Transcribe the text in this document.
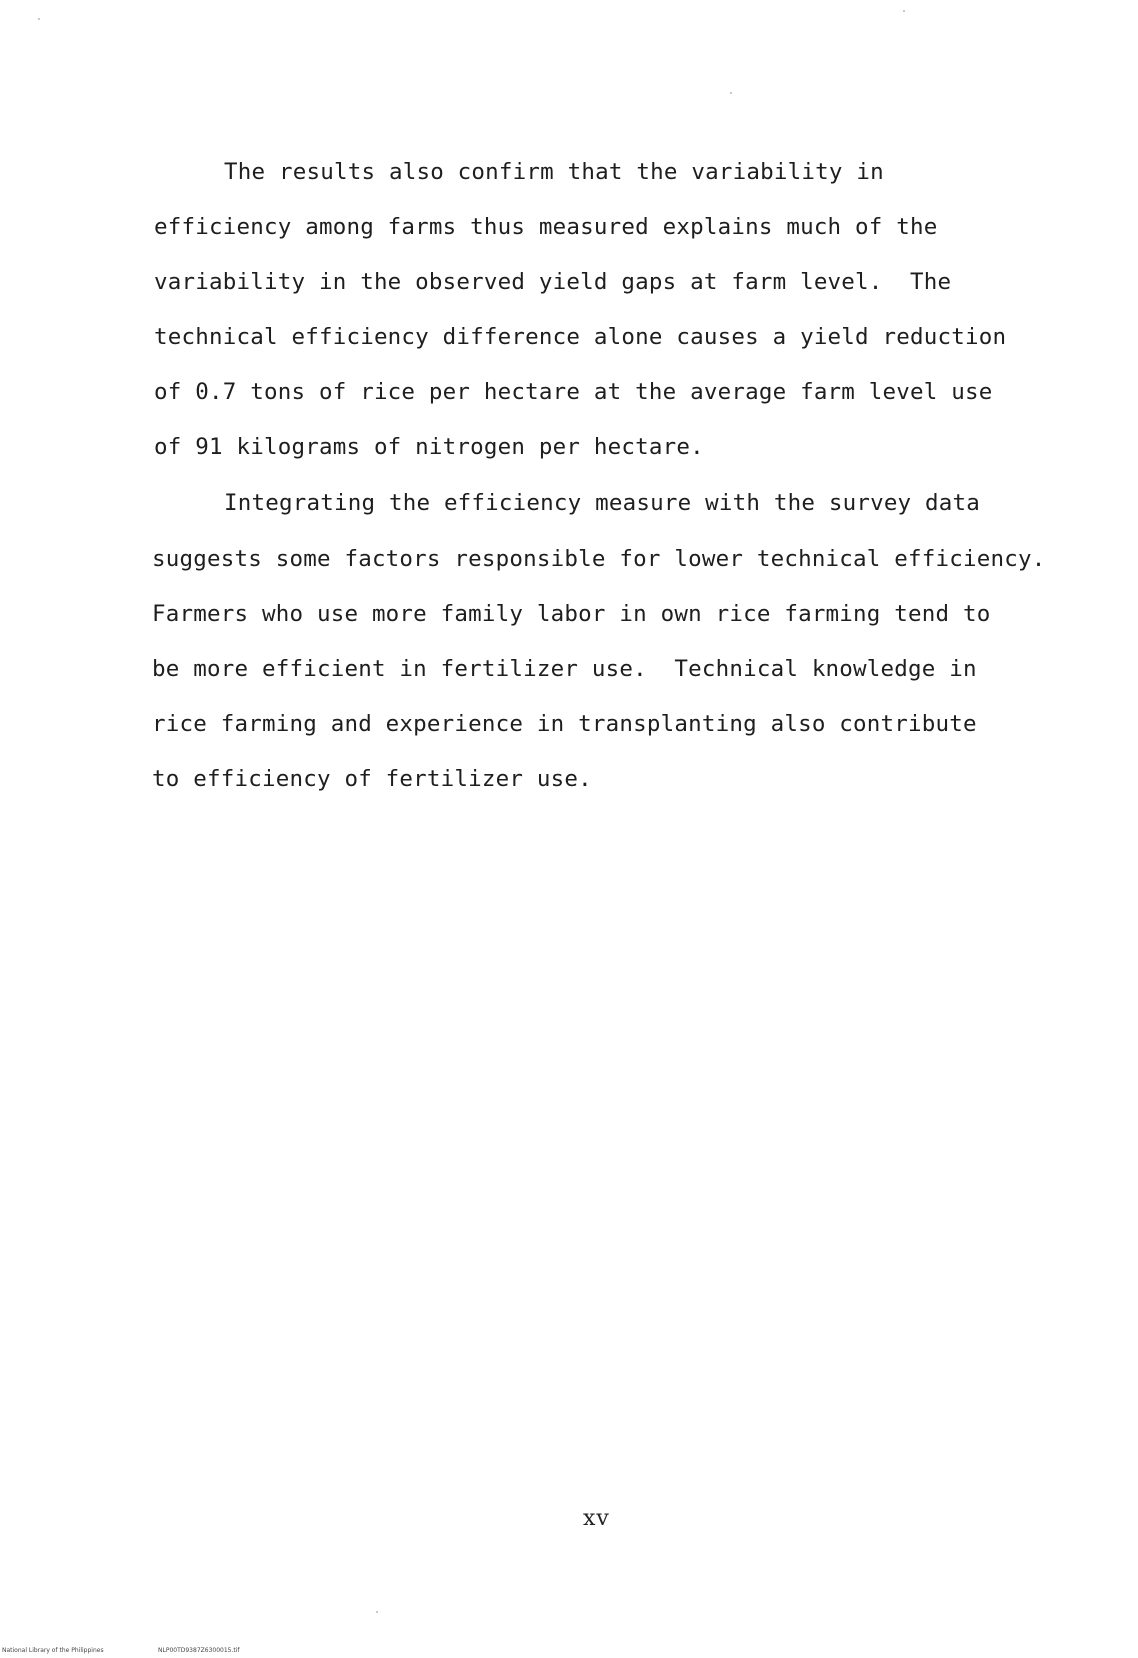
The results also confirm that the variability in
efficiency among farms thus measured explains much of the
variability in the observed yield gaps at farm level.  The
technical efficiency difference alone causes a yield reduction
of 0.7 tons of rice per hectare at the average farm level use
of 91 kilograms of nitrogen per hectare.
Integrating the efficiency measure with the survey data
suggests some factors responsible for lower technical efficiency.
Farmers who use more family labor in own rice farming tend to
be more efficient in fertilizer use.  Technical knowledge in
rice farming and experience in transplanting also contribute
to efficiency of fertilizer use.
xv
National Library of the Philippines	NLP00TD9387Z6300015.tif
